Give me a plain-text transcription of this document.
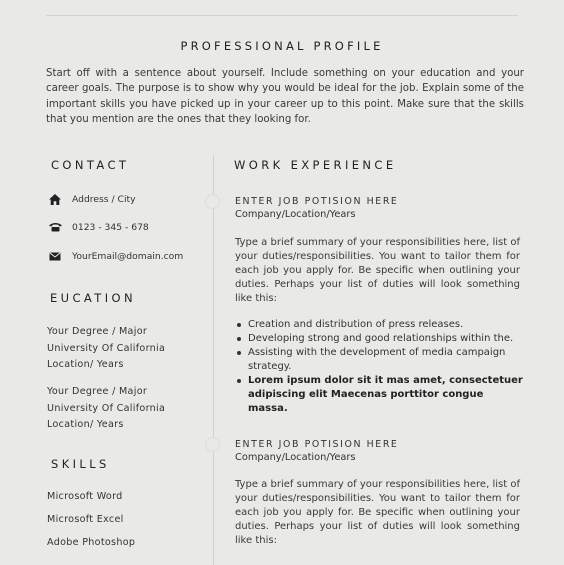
PROFESSIONAL PROFILE
Start off with a sentence about yourself. Include something on your education and your career goals. The purpose is to show why you would be ideal for the job. Explain some of the important skills you have picked up in your career up to this point. Make sure that the skills that you mention are the ones that they looking for.
CONTACT
Address / City
0123 - 345 - 678
YourEmail@domain.com
EUCATION
Your Degree / Major
University Of California
Location/ Years
Your Degree / Major
University Of California
Location/ Years
SKILLS
Microsoft Word
Microsoft Excel
Adobe Photoshop
WORK EXPERIENCE
ENTER JOB POTISION HERE
Company/Location/Years
Type a brief summary of your responsibilities here, list of your duties/responsibilities. You want to tailor them for each job you apply for. Be specific when outlining your duties. Perhaps your list of duties will look something like this:
Creation and distribution of press releases.
Developing strong and good relationships within the.
Assisting with the development of media campaign strategy.
Lorem ipsum dolor sit it mas amet, consectetuer adipiscing elit Maecenas porttitor congue massa.
ENTER JOB POTISION HERE
Company/Location/Years
Type a brief summary of your responsibilities here, list of your duties/responsibilities. You want to tailor them for each job you apply for. Be specific when outlining your duties. Perhaps your list of duties will look something like this:
